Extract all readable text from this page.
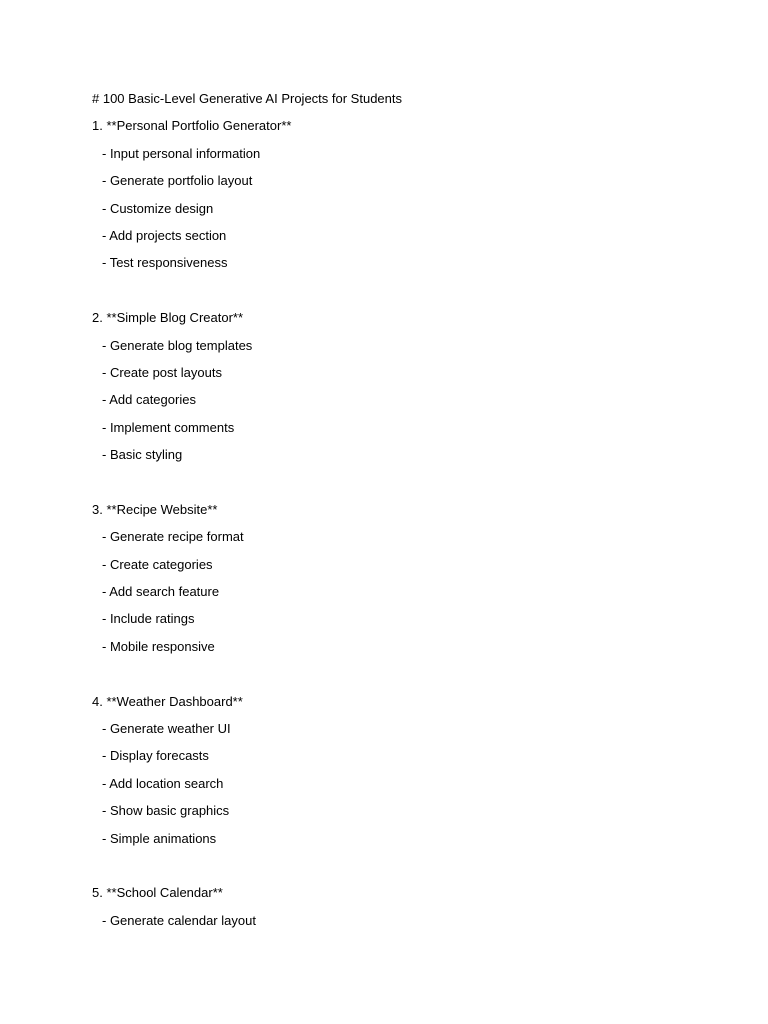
# 100 Basic-Level Generative AI Projects for Students
1. **Personal Portfolio Generator**
- Input personal information
- Generate portfolio layout
- Customize design
- Add projects section
- Test responsiveness
2. **Simple Blog Creator**
- Generate blog templates
- Create post layouts
- Add categories
- Implement comments
- Basic styling
3. **Recipe Website**
- Generate recipe format
- Create categories
- Add search feature
- Include ratings
- Mobile responsive
4. **Weather Dashboard**
- Generate weather UI
- Display forecasts
- Add location search
- Show basic graphics
- Simple animations
5. **School Calendar**
- Generate calendar layout
